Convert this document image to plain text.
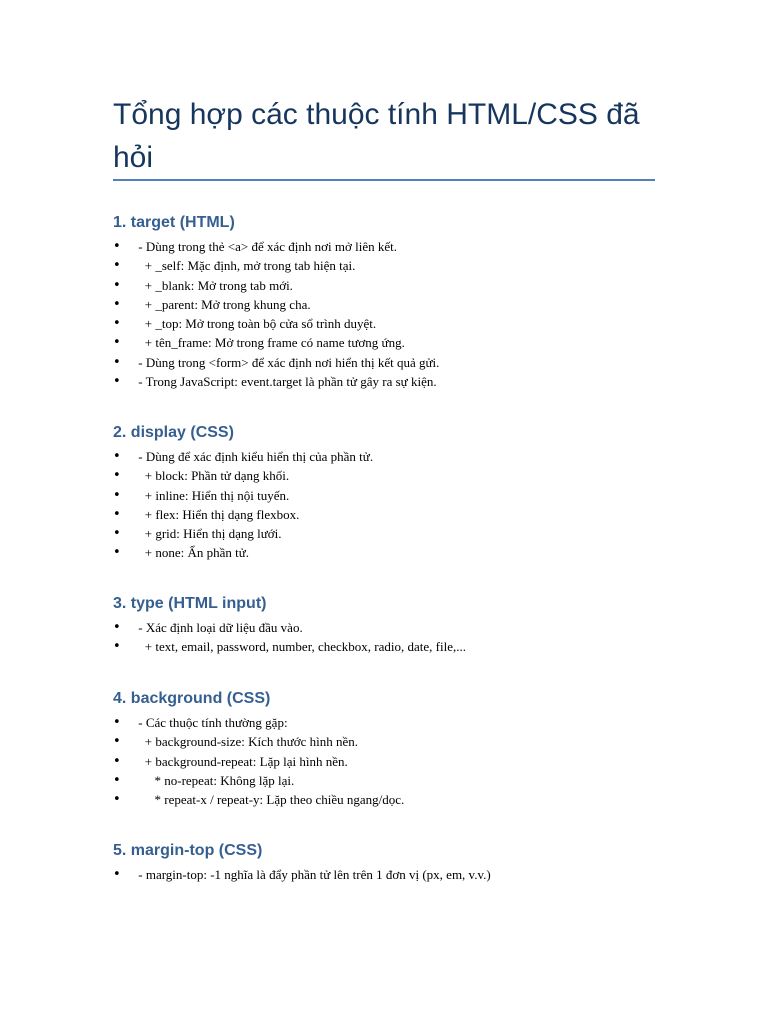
Tổng hợp các thuộc tính HTML/CSS đã hỏi
1. target (HTML)
•	- Dùng trong thẻ <a> để xác định nơi mở liên kết.
•	+ _self: Mặc định, mở trong tab hiện tại.
•	+ _blank: Mở trong tab mới.
•	+ _parent: Mở trong khung cha.
•	+ _top: Mở trong toàn bộ cửa sổ trình duyệt.
•	+ tên_frame: Mở trong frame có name tương ứng.
•	- Dùng trong <form> để xác định nơi hiển thị kết quả gửi.
•	- Trong JavaScript: event.target là phần tử gây ra sự kiện.
2. display (CSS)
•	- Dùng để xác định kiểu hiển thị của phần tử.
•	+ block: Phần tử dạng khối.
•	+ inline: Hiển thị nội tuyến.
•	+ flex: Hiển thị dạng flexbox.
•	+ grid: Hiển thị dạng lưới.
•	+ none: Ẩn phần tử.
3. type (HTML input)
•	- Xác định loại dữ liệu đầu vào.
•	+ text, email, password, number, checkbox, radio, date, file,...
4. background (CSS)
•	- Các thuộc tính thường gặp:
•	+ background-size: Kích thước hình nền.
•	+ background-repeat: Lặp lại hình nền.
•	* no-repeat: Không lặp lại.
•	* repeat-x / repeat-y: Lặp theo chiều ngang/dọc.
5. margin-top (CSS)
•	- margin-top: -1 nghĩa là đẩy phần tử lên trên 1 đơn vị (px, em, v.v.)
